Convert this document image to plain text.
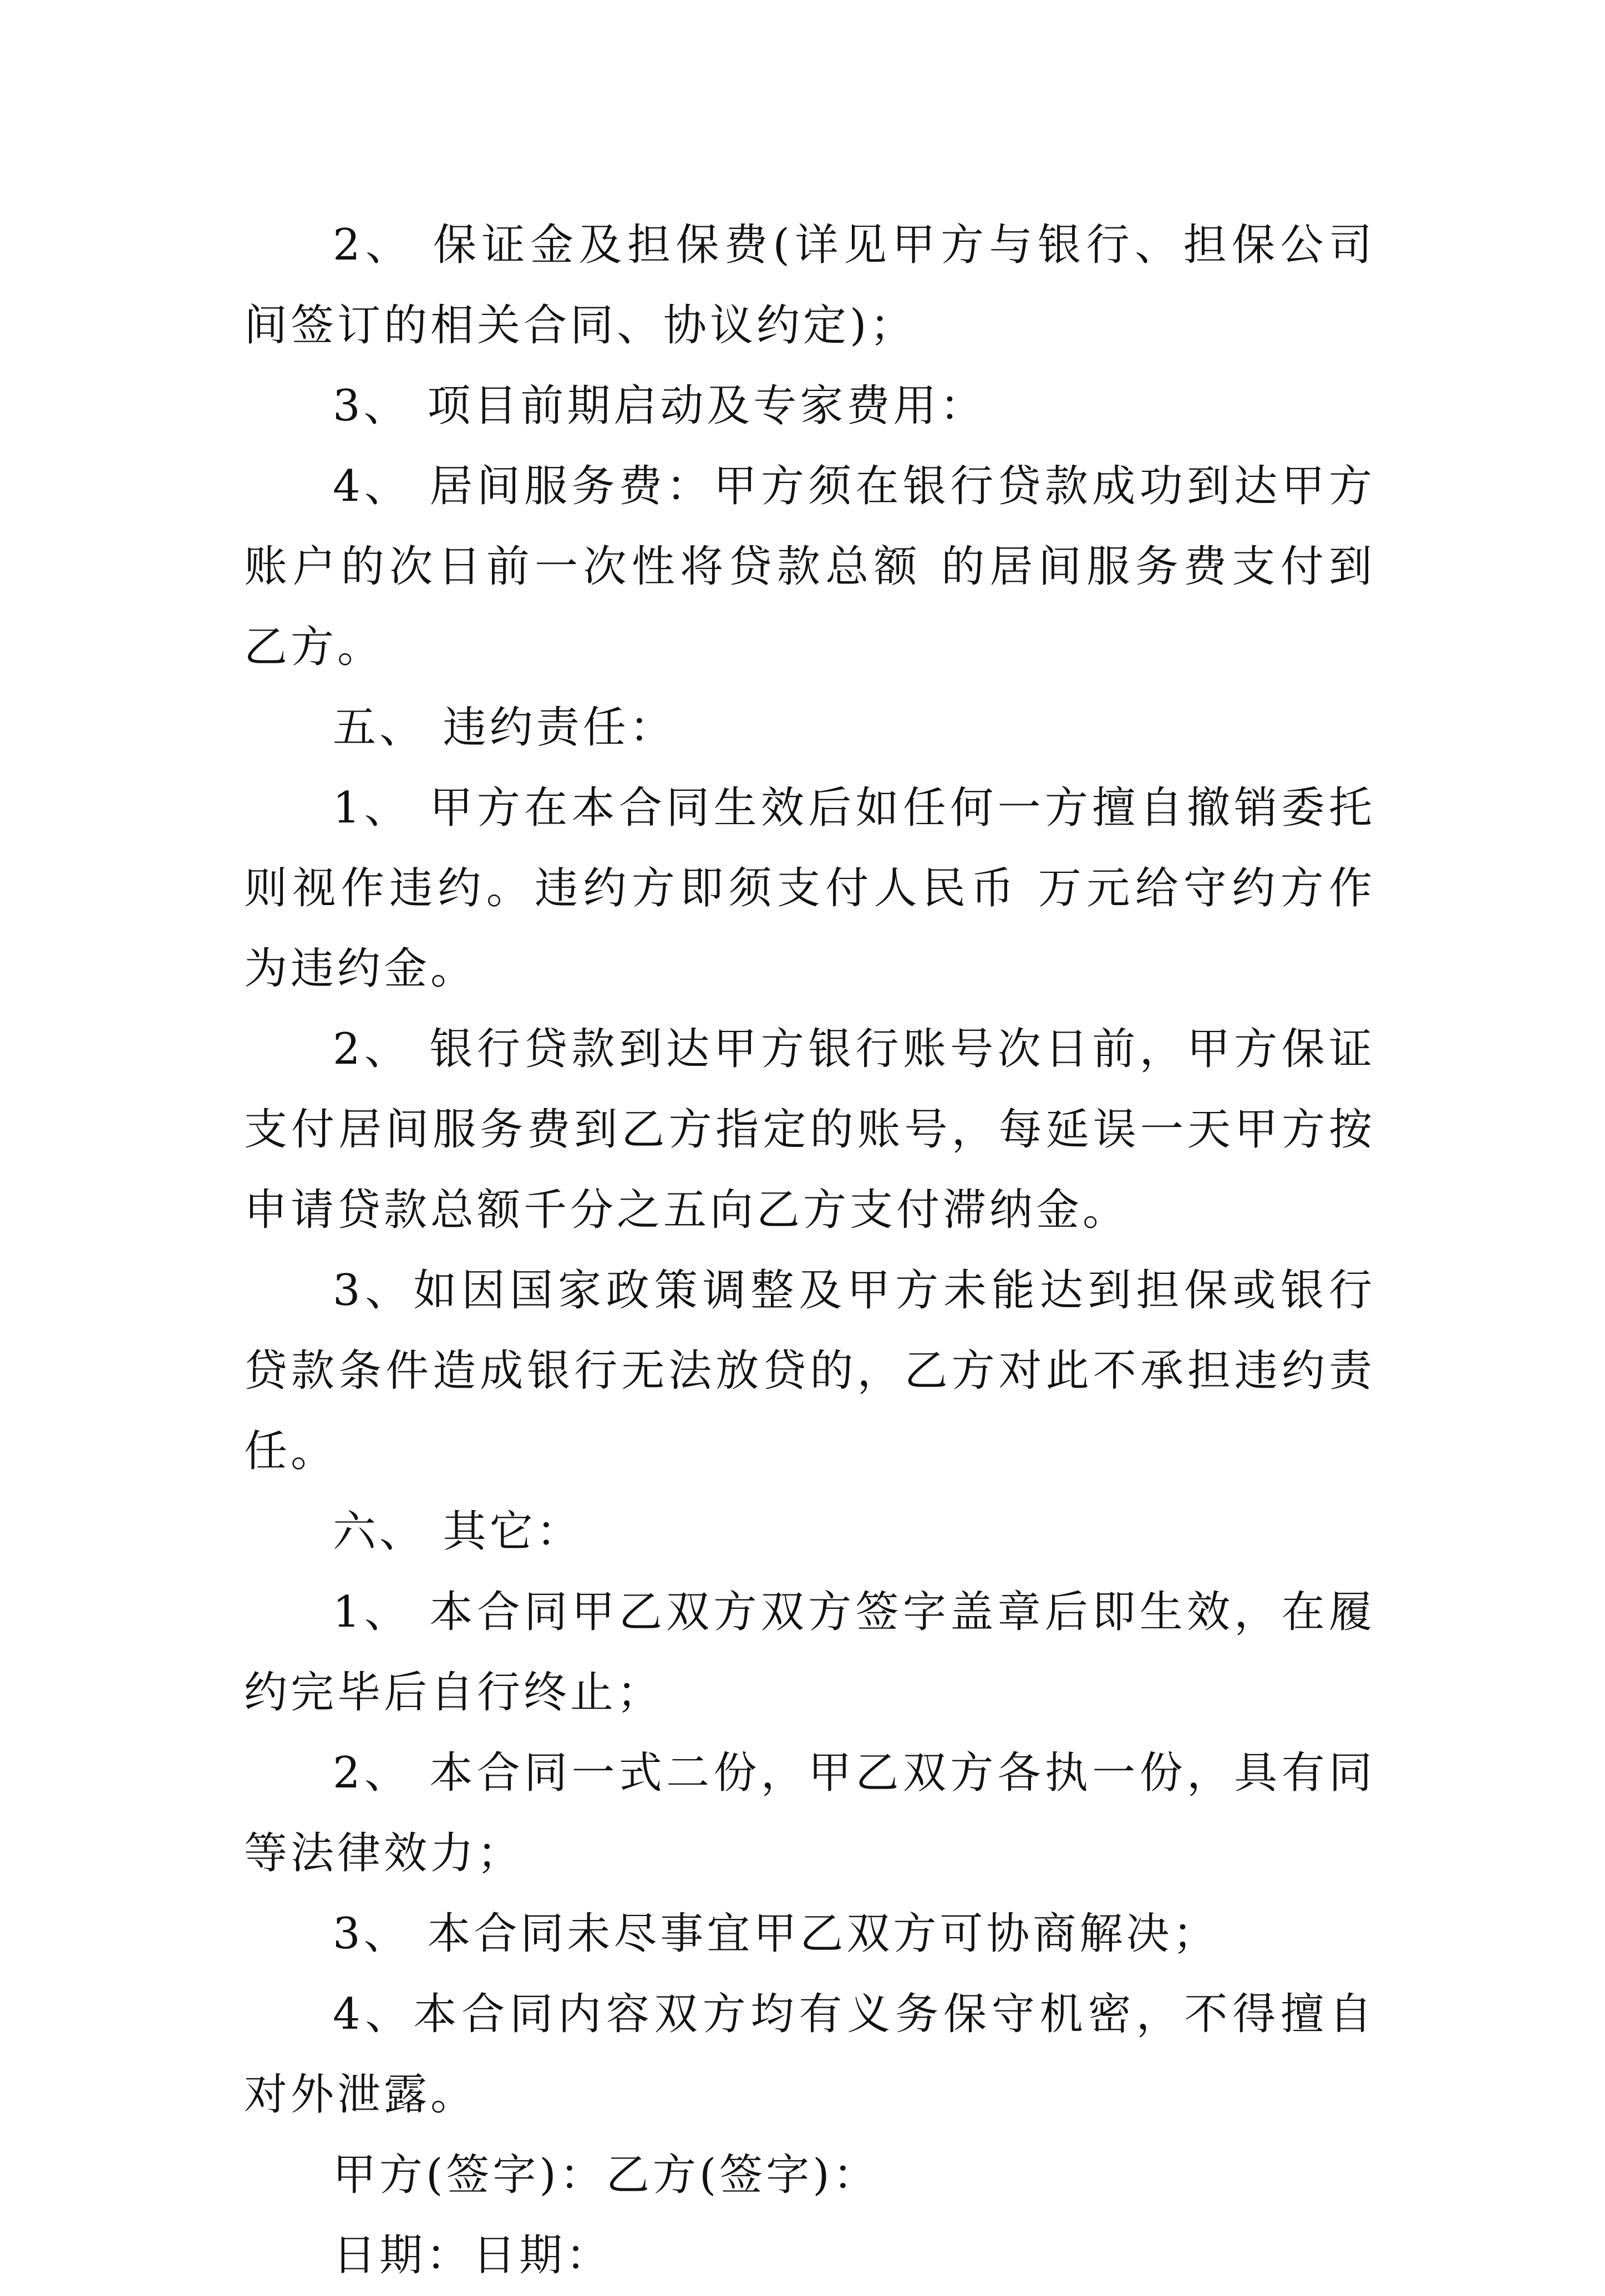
2、 保证金及担保费(详见甲方与银行、担保公司间签订的相关合同、协议约定)；

3、 项目前期启动及专家费用：

4、 居间服务费：甲方须在银行贷款成功到达甲方账户的次日前一次性将贷款总额 的居间服务费支付到乙方。

五、 违约责任：

1、 甲方在本合同生效后如任何一方擅自撤销委托则视作违约。违约方即须支付人民币 万元给守约方作为违约金。

2、 银行贷款到达甲方银行账号次日前，甲方保证支付居间服务费到乙方指定的账号，每延误一天甲方按申请贷款总额千分之五向乙方支付滞纳金。

3、如因国家政策调整及甲方未能达到担保或银行贷款条件造成银行无法放贷的，乙方对此不承担违约责任。

六、 其它：

1、 本合同甲乙双方双方签字盖章后即生效，在履约完毕后自行终止；

2、 本合同一式二份，甲乙双方各执一份，具有同等法律效力；

3、 本合同未尽事宜甲乙双方可协商解决；

4、本合同内容双方均有义务保守机密，不得擅自对外泄露。

甲方(签字)：乙方(签字)：

日期：日期：
